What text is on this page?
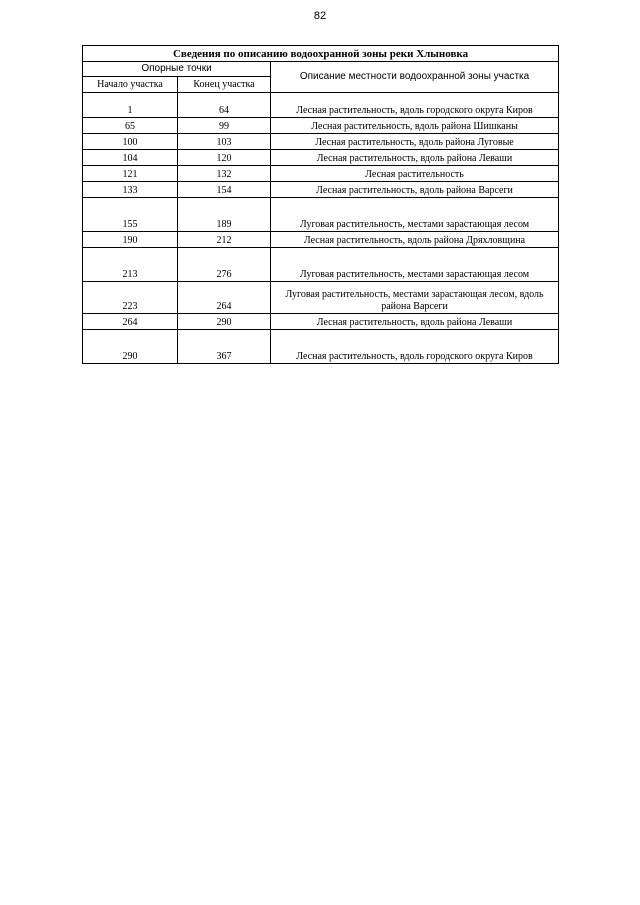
82
Сведения по описанию водоохранной зоны реки Хлыновка		
Опорные точки		Описание местности водоохранной зоны участка
Начало участка	Конец участка	
1	64	Лесная растительность, вдоль городского округа Киров
65	99	Лесная растительность, вдоль района Шишканы
100	103	Лесная растительность, вдоль района Луговые
104	120	Лесная растительность, вдоль района Леваши
121	132	Лесная растительность
133	154	Лесная растительность, вдоль района Варсеги
155	189	Луговая растительность, местами зарастающая лесом
190	212	Лесная растительность, вдоль района Дряхловщина
213	276	Луговая растительность, местами зарастающая лесом
223	264	Луговая растительность, местами зарастающая лесом, вдоль района Варсеги
264	290	Лесная растительность, вдоль района Леваши
290	367	Лесная растительность, вдоль городского округа Киров
